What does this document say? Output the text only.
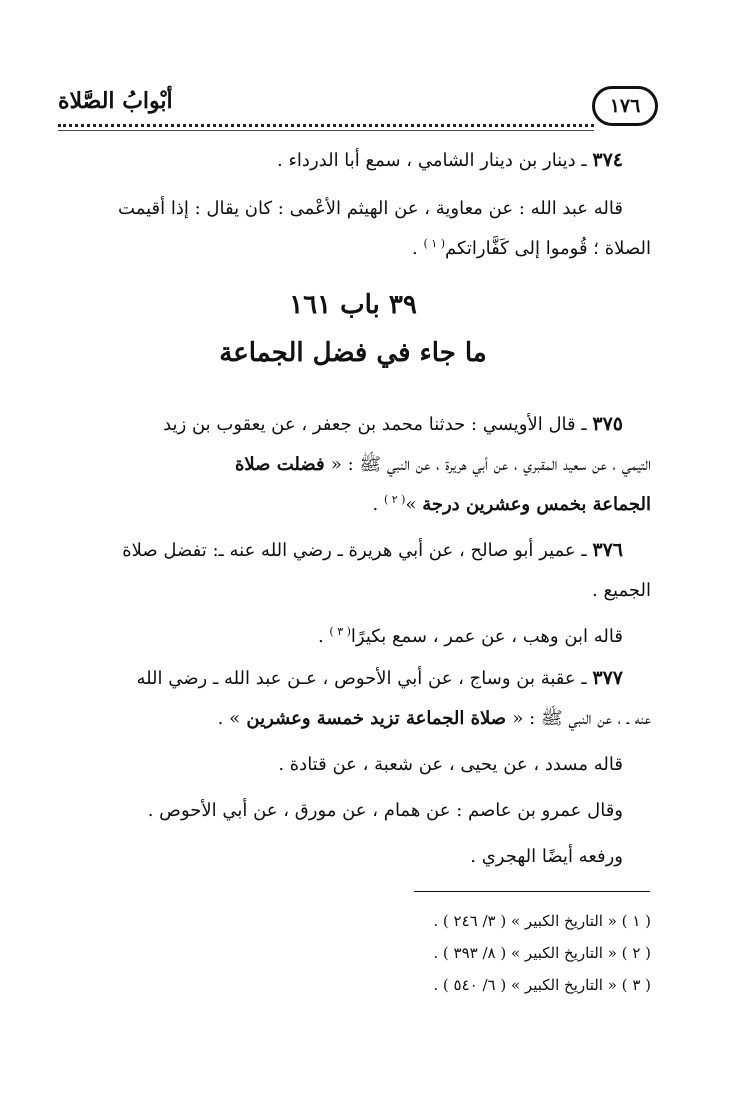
١٧٦
أبْوابُ الصَّلاة
٣٧٤ ـ دينار بن دينار الشامي ، سمع أبا الدرداء .
قاله عبد الله : عن معاوية ، عن الهيثم الأعْمى : كان يقال : إذا أقيمت
الصلاة ؛ قُوموا إلى كَفَّاراتكم$^{( ١ )}$ .
٣٩ باب ١٦١
ما جاء في فضل الجماعة
٣٧٥ ـ قال الأويسي : حدثنا محمد بن جعفر ، عن يعقوب بن زيد
التيمي ، عن سعيد المقبري ، عن أبي هريرة ، عن النبي ﷺ : « فضلت صلاة
الجماعة بخمس وعشرين درجة »$^{( ٢ )}$ .
٣٧٦ ـ عمير أبو صالح ، عن أبي هريرة ـ رضي الله عنه ـ: تفضل صلاة
الجميع .
قاله ابن وهب ، عن عمر ، سمع بكيرًا$^{( ٣ )}$ .
٣٧٧ ـ عقبة بن وساج ، عن أبي الأحوص ، عـن عبد الله ـ رضي الله
عنه ـ ، عن النبي ﷺ : « صلاة الجماعة تزيد خمسة وعشرين » .
قاله مسدد ، عن يحيى ، عن شعبة ، عن قتادة .
وقال عمرو بن عاصم : عن همام ، عن مورق ، عن أبي الأحوص .
ورفعه أيضًا الهجري .
( ١ ) « التاريخ الكبير » ( ٣/ ٢٤٦ ) .
( ٢ ) « التاريخ الكبير » ( ٨/ ٣٩٣ ) .
( ٣ ) « التاريخ الكبير » ( ٦/ ٥٤٠ ) .
